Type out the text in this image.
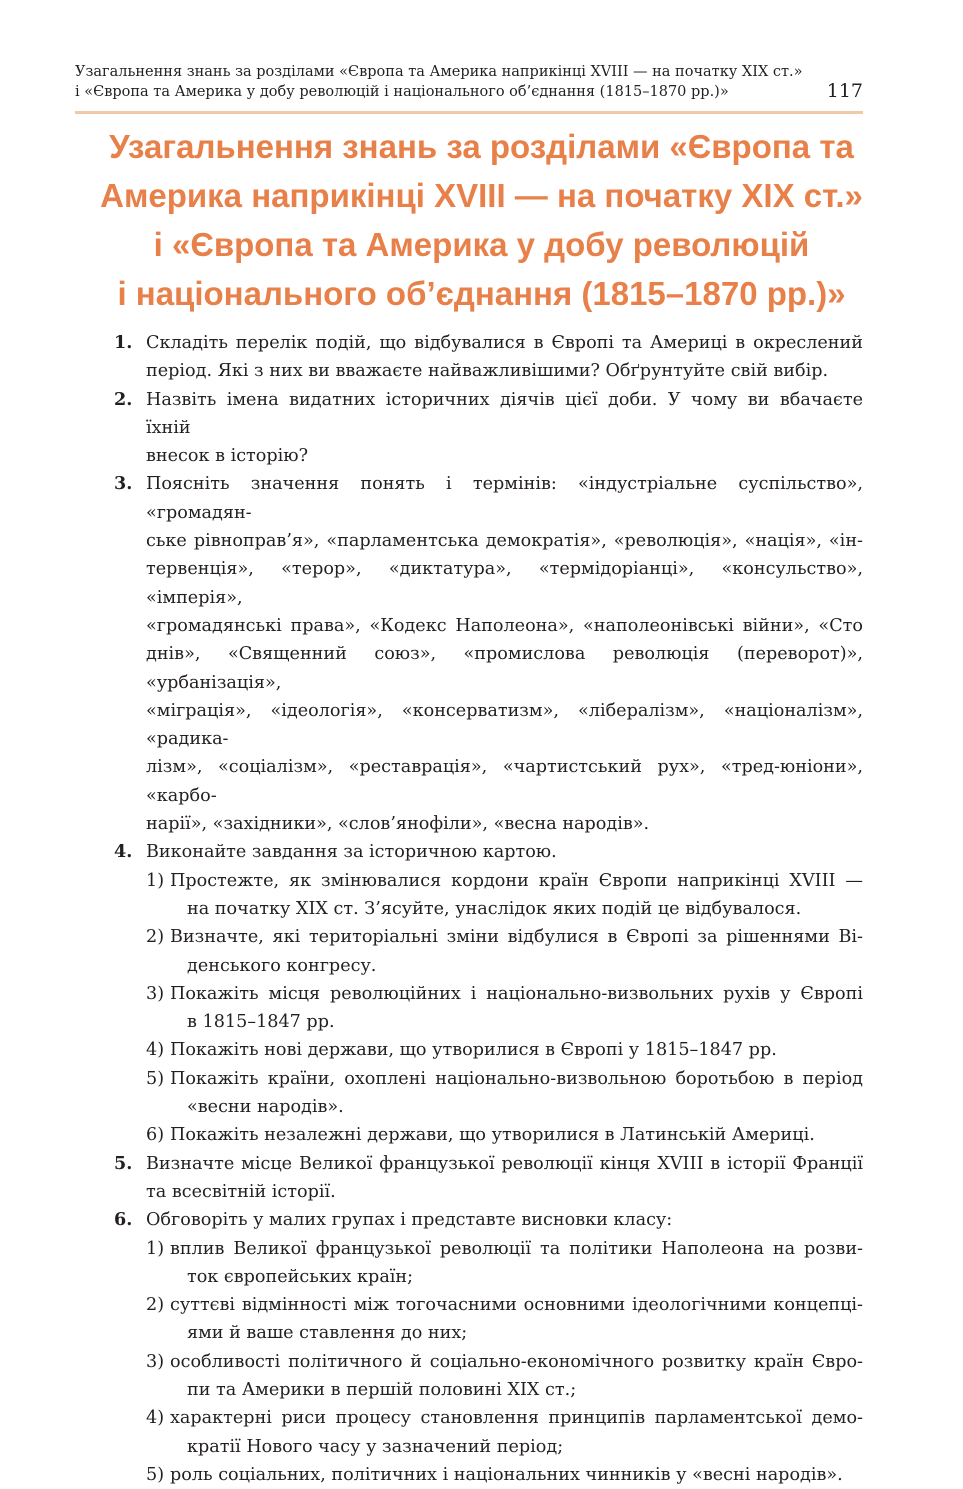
Узагальнення знань за розділами «Європа та Америка наприкінці XVIII — на початку XIX ст.»
і «Європа та Америка у добу революцій і національного об’єднання (1815–1870 рр.)»	117
Узагальнення знань за розділами «Європа та
Америка наприкінці XVIII — на початку XIX ст.»
і «Європа та Америка у добу революцій
і національного об’єднання (1815–1870 рр.)»
1. Складіть перелік подій, що відбувалися в Європі та Америці в окреслений
період. Які з них ви вважаєте найважливішими? Обґрунтуйте свій вибір.
2. Назвіть імена видатних історичних діячів цієї доби. У чому ви вбачаєте їхній
внесок в історію?
3. Поясніть значення понять і термінів: «індустріальне суспільство», «громадян-
ське рівноправ’я», «парламентська демократія», «революція», «нація», «ін-
тервенція», «терор», «диктатура», «термідоріанці», «консульство», «імперія»,
«громадянські права», «Кодекс Наполеона», «наполеонівські війни», «Сто
днів», «Священний союз», «промислова революція (переворот)», «урбанізація»,
«міграція», «ідеологія», «консерватизм», «лібералізм», «націоналізм», «радика-
лізм», «соціалізм», «реставрація», «чартистський рух», «тред-юніони», «карбо-
нарії», «західники», «слов’янофіли», «весна народів».
4. Виконайте завдання за історичною картою.
1) Простежте, як змінювалися кордони країн Європи наприкінці XVIII —
на початку XIX ст. З’ясуйте, унаслідок яких подій це відбувалося.
2) Визначте, які територіальні зміни відбулися в Європі за рішеннями Ві-
денського конгресу.
3) Покажіть місця революційних і національно-визвольних рухів у Європі
в 1815–1847 рр.
4) Покажіть нові держави, що утворилися в Європі у 1815–1847 рр.
5) Покажіть країни, охоплені національно-визвольною боротьбою в період
«весни народів».
6) Покажіть незалежні держави, що утворилися в Латинській Америці.
5. Визначте місце Великої французької революції кінця XVIII в історії Франції
та всесвітній історії.
6. Обговоріть у малих групах і представте висновки класу:
1) вплив Великої французької революції та політики Наполеона на розви-
ток європейських країн;
2) суттєві відмінності між тогочасними основними ідеологічними концепці-
ями й ваше ставлення до них;
3) особливості політичного й соціально-економічного розвитку країн Євро-
пи та Америки в першій половині XIX ст.;
4) характерні риси процесу становлення принципів парламентської демо-
кратії Нового часу у зазначений період;
5) роль соціальних, політичних і національних чинників у «весні народів».
